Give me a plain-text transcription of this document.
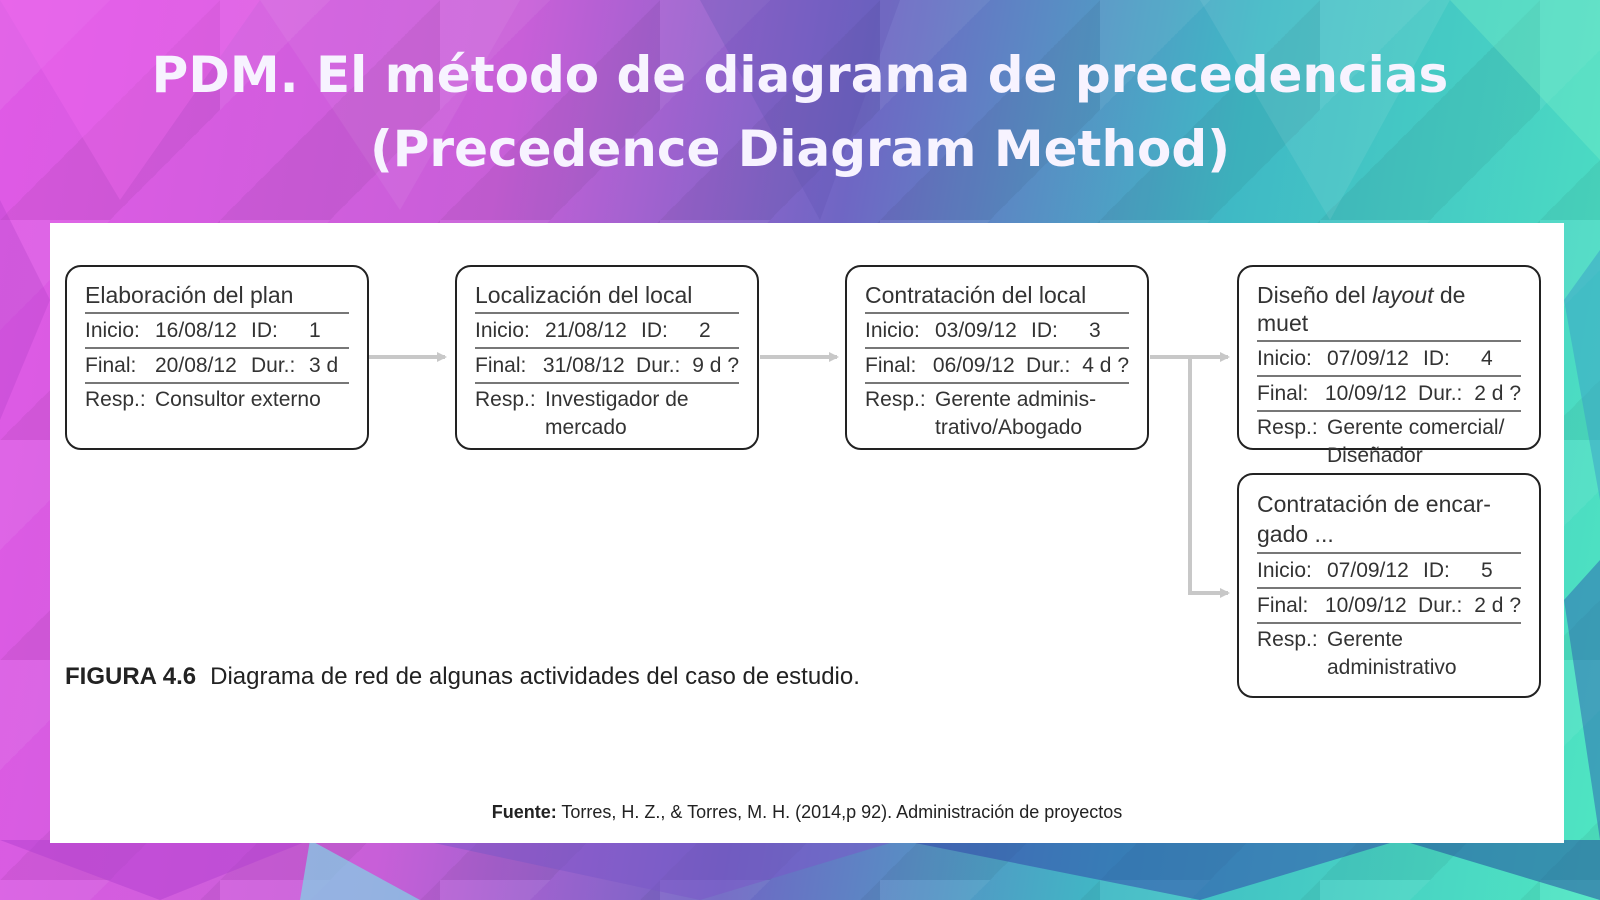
PDM. El método de diagrama de precedencias
(Precedence Diagram Method)
Elaboración del plan
Inicio: 16/08/12 ID:	1
Final: 20/08/12 Dur.: 3 d
Resp.: Consultor externo
Localización del local
Inicio: 21/08/12 ID:	2
Final: 31/08/12 Dur.: 9 d ?
Resp.: Investigador de
mercado
Contratación del local
Inicio: 03/09/12 ID:	3
Final: 06/09/12 Dur.: 4 d ?
Resp.: Gerente adminis-
trativo/Abogado
Diseño del layout de muet
Inicio: 07/09/12 ID:	4
Final: 10/09/12 Dur.: 2 d ?
Resp.: Gerente comercial/
Diseñador
Contratación de encar-
gado ...
Inicio: 07/09/12 ID:	5
Final: 10/09/12 Dur.: 2 d ?
Resp.: Gerente
administrativo
FIGURA 4.6 Diagrama de red de algunas actividades del caso de estudio.
Fuente: Torres, H. Z., & Torres, M. H. (2014,p 92). Administración de proyectos
